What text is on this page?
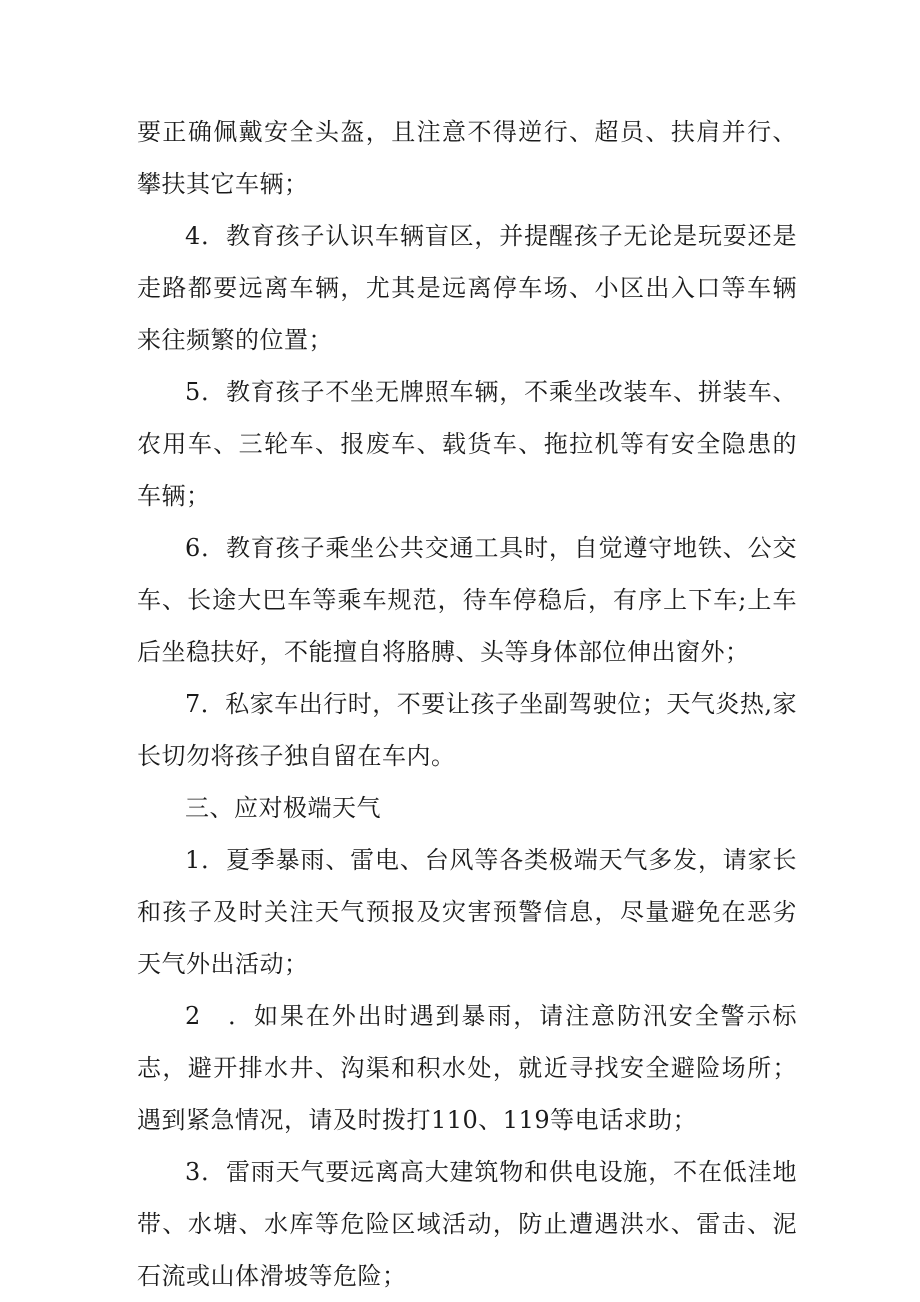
要正确佩戴安全头盔，且注意不得逆行、超员、扶肩并行、攀扶其它车辆；

4．教育孩子认识车辆盲区，并提醒孩子无论是玩耍还是走路都要远离车辆，尤其是远离停车场、小区出入口等车辆来往频繁的位置；

5．教育孩子不坐无牌照车辆，不乘坐改装车、拼装车、农用车、三轮车、报废车、载货车、拖拉机等有安全隐患的车辆；

6．教育孩子乘坐公共交通工具时，自觉遵守地铁、公交车、长途大巴车等乘车规范，待车停稳后，有序上下车;上车后坐稳扶好，不能擅自将胳膊、头等身体部位伸出窗外；

7．私家车出行时，不要让孩子坐副驾驶位；天气炎热,家长切勿将孩子独自留在车内。

三、应对极端天气

1．夏季暴雨、雷电、台风等各类极端天气多发，请家长和孩子及时关注天气预报及灾害预警信息，尽量避免在恶劣天气外出活动；

2　．如果在外出时遇到暴雨，请注意防汛安全警示标志，避开排水井、沟渠和积水处，就近寻找安全避险场所；遇到紧急情况，请及时拨打110、119等电话求助；

3．雷雨天气要远离高大建筑物和供电设施，不在低洼地带、水塘、水库等危险区域活动，防止遭遇洪水、雷击、泥石流或山体滑坡等危险；
